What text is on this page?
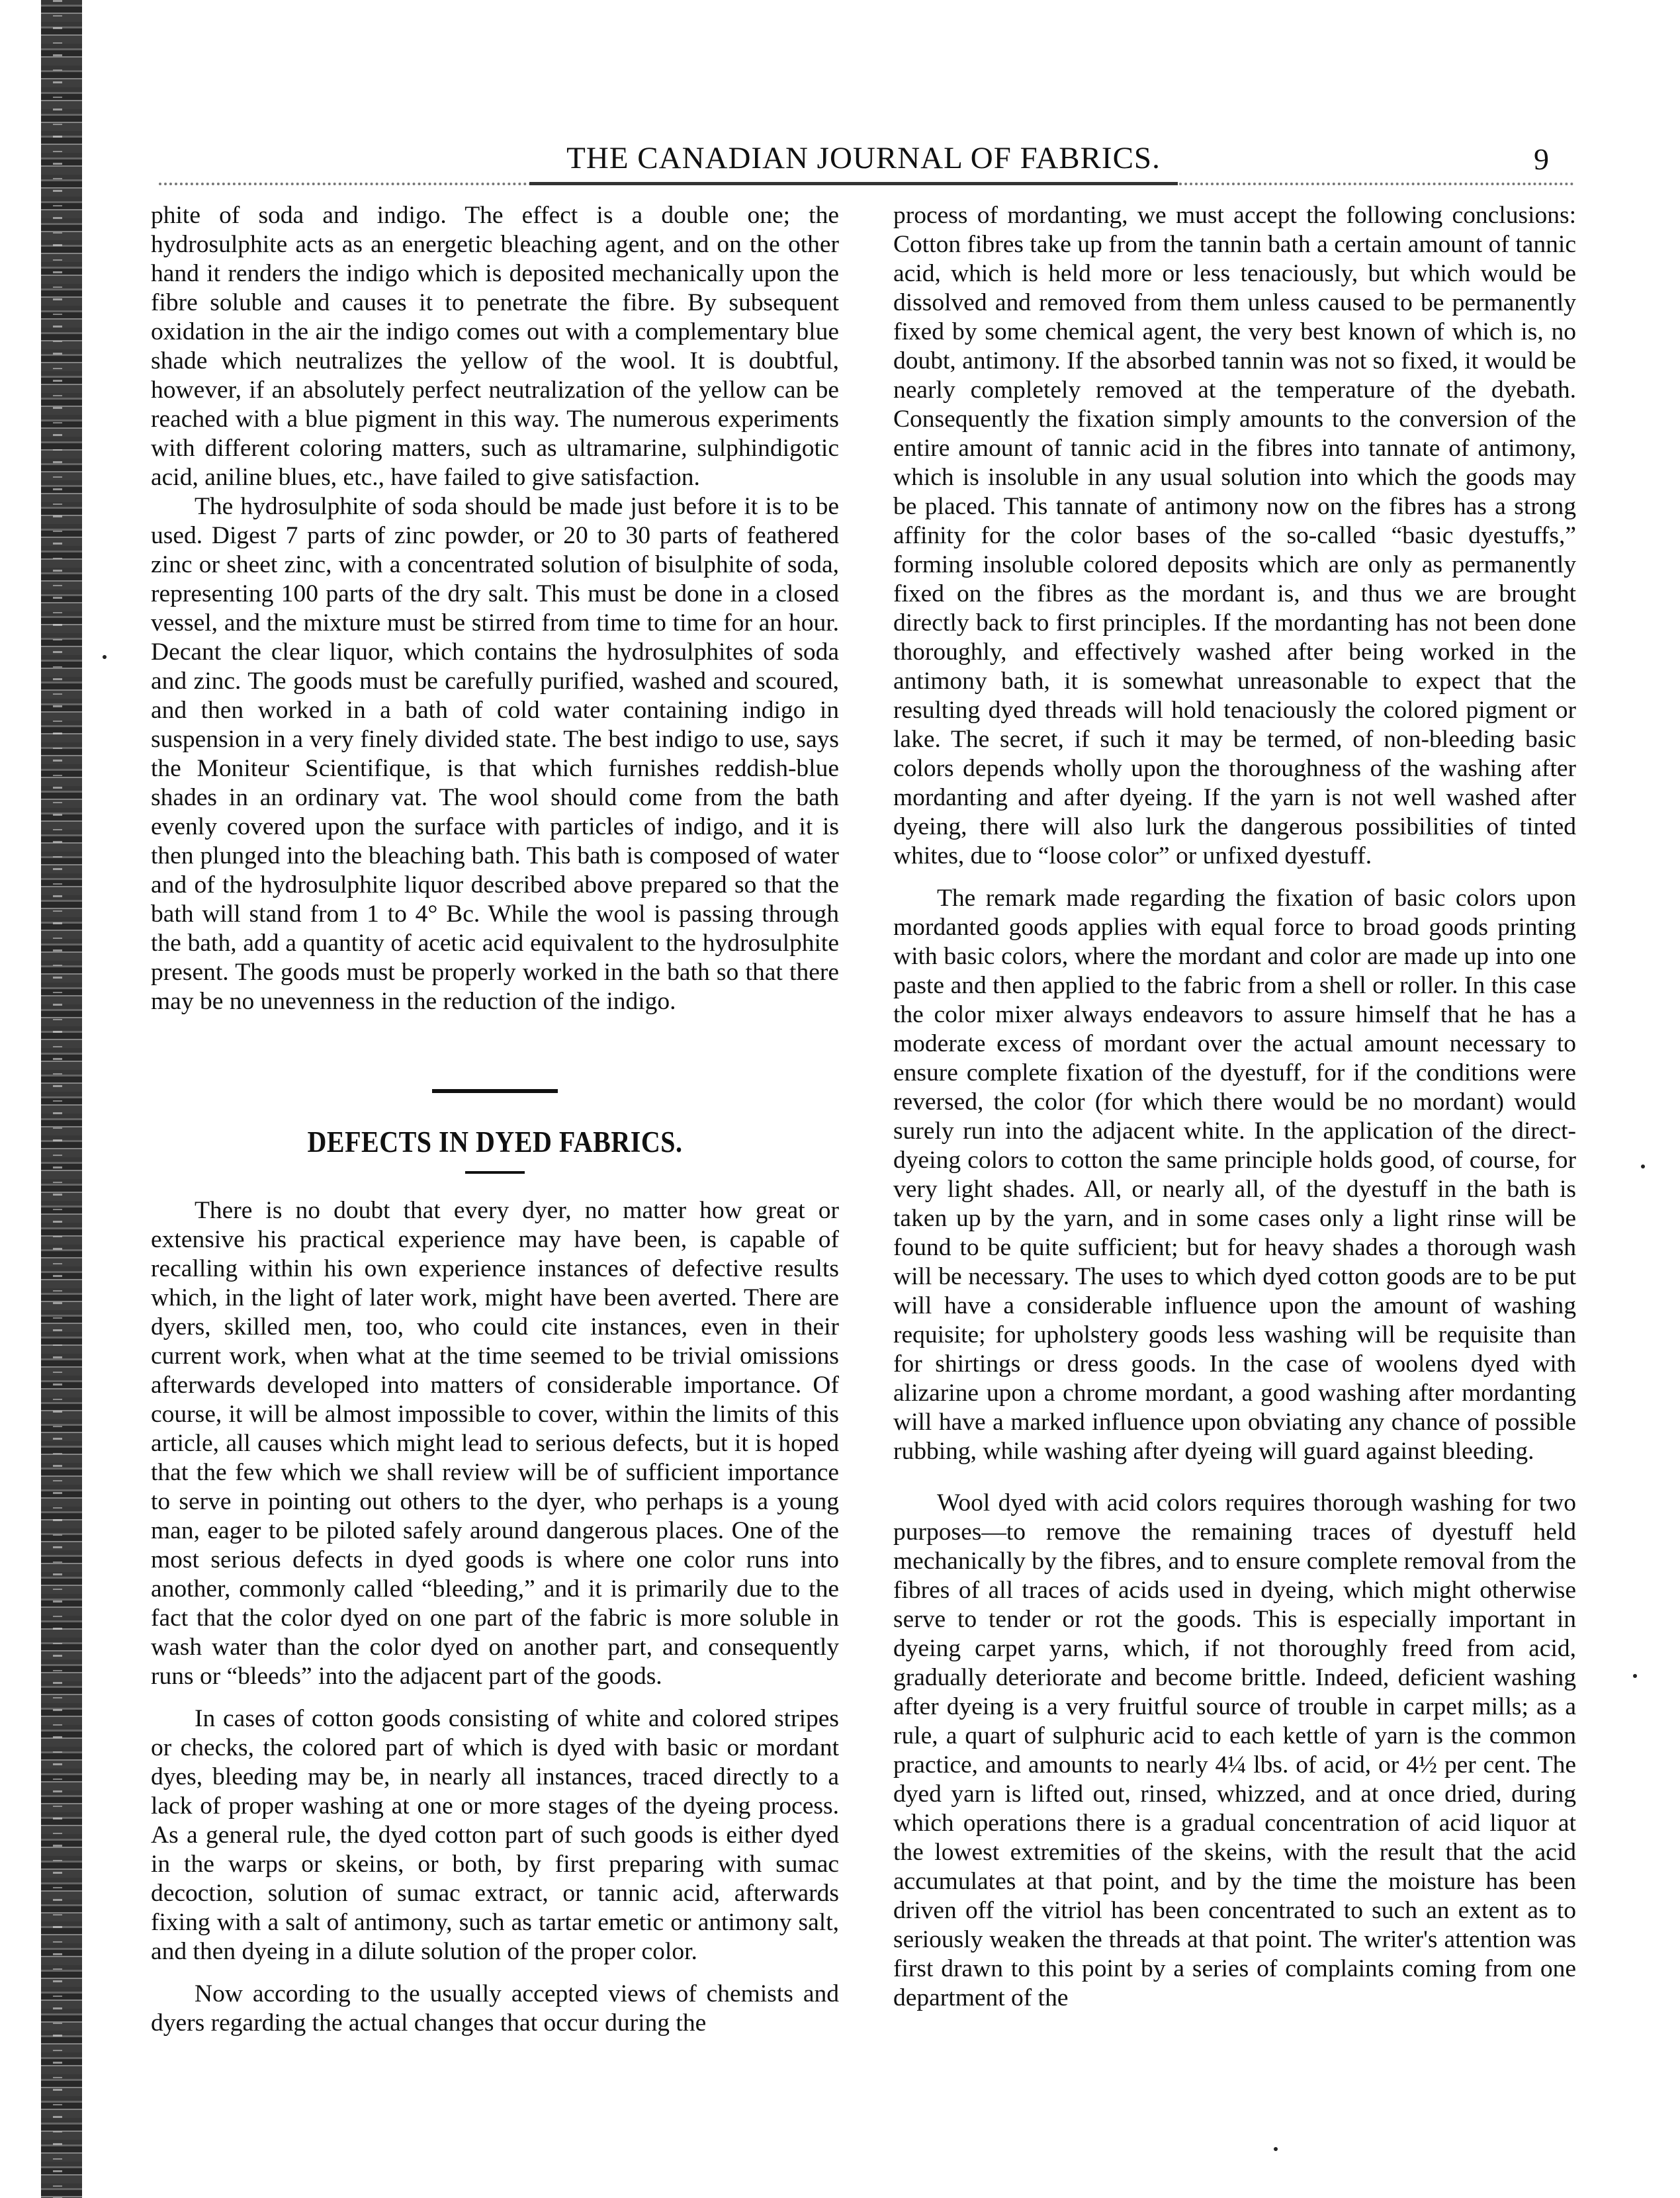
THE CANADIAN JOURNAL OF FABRICS.	9

phite of soda and indigo. The effect is a double one; the hydrosulphite acts as an energetic bleaching agent, and on the other hand it renders the indigo which is deposited mechanically upon the fibre soluble and causes it to penetrate the fibre. By subsequent oxidation in the air the indigo comes out with a complementary blue shade which neutralizes the yellow of the wool. It is doubtful, however, if an absolutely perfect neutralization of the yellow can be reached with a blue pigment in this way. The numerous experiments with different coloring matters, such as ultramarine, sulphindigotic acid, aniline blues, etc., have failed to give satisfaction.

The hydrosulphite of soda should be made just before it is to be used. Digest 7 parts of zinc powder, or 20 to 30 parts of feathered zinc or sheet zinc, with a concentrated solution of bisulphite of soda, representing 100 parts of the dry salt. This must be done in a closed vessel, and the mixture must be stirred from time to time for an hour. Decant the clear liquor, which contains the hydrosulphites of soda and zinc. The goods must be carefully purified, washed and scoured, and then worked in a bath of cold water containing indigo in suspension in a very finely divided state. The best indigo to use, says the Moniteur Scientifique, is that which furnishes reddish-blue shades in an ordinary vat. The wool should come from the bath evenly covered upon the surface with particles of indigo, and it is then plunged into the bleaching bath. This bath is composed of water and of the hydrosulphite liquor described above prepared so that the bath will stand from 1 to 4° Bc. While the wool is passing through the bath, add a quantity of acetic acid equivalent to the hydrosulphite present. The goods must be properly worked in the bath so that there may be no unevenness in the reduction of the indigo.

DEFECTS IN DYED FABRICS.

There is no doubt that every dyer, no matter how great or extensive his practical experience may have been, is capable of recalling within his own experience instances of defective results which, in the light of later work, might have been averted. There are dyers, skilled men, too, who could cite instances, even in their current work, when what at the time seemed to be trivial omissions afterwards developed into matters of considerable importance. Of course, it will be almost impossible to cover, within the limits of this article, all causes which might lead to serious defects, but it is hoped that the few which we shall review will be of sufficient importance to serve in pointing out others to the dyer, who perhaps is a young man, eager to be piloted safely around dangerous places. One of the most serious defects in dyed goods is where one color runs into another, commonly called “bleeding,” and it is primarily due to the fact that the color dyed on one part of the fabric is more soluble in wash water than the color dyed on another part, and consequently runs or “bleeds” into the adjacent part of the goods.

In cases of cotton goods consisting of white and colored stripes or checks, the colored part of which is dyed with basic or mordant dyes, bleeding may be, in nearly all instances, traced directly to a lack of proper washing at one or more stages of the dyeing process. As a general rule, the dyed cotton part of such goods is either dyed in the warps or skeins, or both, by first preparing with sumac decoction, solution of sumac extract, or tannic acid, afterwards fixing with a salt of antimony, such as tartar emetic or antimony salt, and then dyeing in a dilute solution of the proper color.

Now according to the usually accepted views of chemists and dyers regarding the actual changes that occur during the

process of mordanting, we must accept the following conclusions: Cotton fibres take up from the tannin bath a certain amount of tannic acid, which is held more or less tenaciously, but which would be dissolved and removed from them unless caused to be permanently fixed by some chemical agent, the very best known of which is, no doubt, antimony. If the absorbed tannin was not so fixed, it would be nearly completely removed at the temperature of the dyebath. Consequently the fixation simply amounts to the conversion of the entire amount of tannic acid in the fibres into tannate of antimony, which is insoluble in any usual solution into which the goods may be placed. This tannate of antimony now on the fibres has a strong affinity for the color bases of the so-called “basic dyestuffs,” forming insoluble colored deposits which are only as permanently fixed on the fibres as the mordant is, and thus we are brought directly back to first principles. If the mordanting has not been done thoroughly, and effectively washed after being worked in the antimony bath, it is somewhat unreasonable to expect that the resulting dyed threads will hold tenaciously the colored pigment or lake. The secret, if such it may be termed, of non-bleeding basic colors depends wholly upon the thoroughness of the washing after mordanting and after dyeing. If the yarn is not well washed after dyeing, there will also lurk the dangerous possibilities of tinted whites, due to “loose color” or unfixed dyestuff.

The remark made regarding the fixation of basic colors upon mordanted goods applies with equal force to broad goods printing with basic colors, where the mordant and color are made up into one paste and then applied to the fabric from a shell or roller. In this case the color mixer always endeavors to assure himself that he has a moderate excess of mordant over the actual amount necessary to ensure complete fixation of the dyestuff, for if the conditions were reversed, the color (for which there would be no mordant) would surely run into the adjacent white. In the application of the direct-dyeing colors to cotton the same principle holds good, of course, for very light shades. All, or nearly all, of the dyestuff in the bath is taken up by the yarn, and in some cases only a light rinse will be found to be quite sufficient; but for heavy shades a thorough wash will be necessary. The uses to which dyed cotton goods are to be put will have a considerable influence upon the amount of washing requisite; for upholstery goods less washing will be requisite than for shirtings or dress goods. In the case of woolens dyed with alizarine upon a chrome mordant, a good washing after mordanting will have a marked influence upon obviating any chance of possible rubbing, while washing after dyeing will guard against bleeding.

Wool dyed with acid colors requires thorough washing for two purposes—to remove the remaining traces of dyestuff held mechanically by the fibres, and to ensure complete removal from the fibres of all traces of acids used in dyeing, which might otherwise serve to tender or rot the goods. This is especially important in dyeing carpet yarns, which, if not thoroughly freed from acid, gradually deteriorate and become brittle. Indeed, deficient washing after dyeing is a very fruitful source of trouble in carpet mills; as a rule, a quart of sulphuric acid to each kettle of yarn is the common practice, and amounts to nearly 4¼ lbs. of acid, or 4½ per cent. The dyed yarn is lifted out, rinsed, whizzed, and at once dried, during which operations there is a gradual concentration of acid liquor at the lowest extremities of the skeins, with the result that the acid accumulates at that point, and by the time the moisture has been driven off the vitriol has been concentrated to such an extent as to seriously weaken the threads at that point. The writer's attention was first drawn to this point by a series of complaints coming from one department of the
